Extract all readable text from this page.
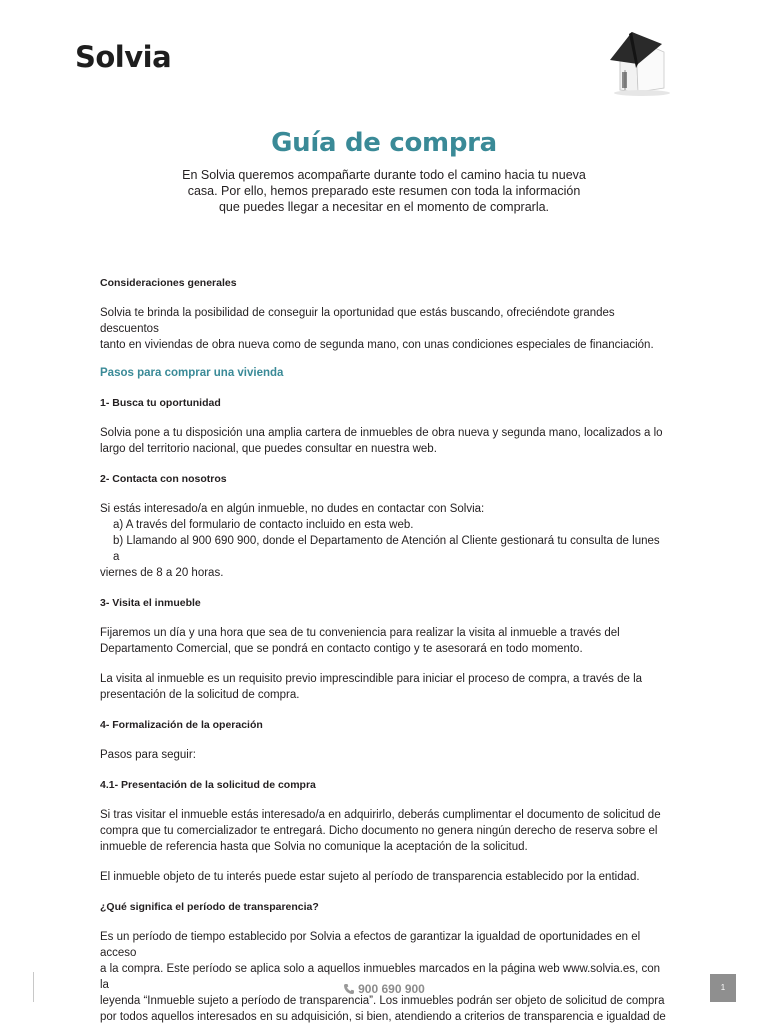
Solvia
Guía de compra
En Solvia queremos acompañarte durante todo el camino hacia tu nueva
casa. Por ello, hemos preparado este resumen con toda la información
que puedes llegar a necesitar en el momento de comprarla.

Consideraciones generales

Solvia te brinda la posibilidad de conseguir la oportunidad que estás buscando, ofreciéndote grandes descuentos

tanto en viviendas de obra nueva como de segunda mano, con unas condiciones especiales de financiación.

Pasos para comprar una vivienda

1- Busca tu oportunidad

Solvia pone a tu disposición una amplia cartera de inmuebles de obra nueva y segunda mano, localizados a lo

largo del territorio nacional, que puedes consultar en nuestra web.

2- Contacta con nosotros

Si estás interesado/a en algún inmueble, no dudes en contactar con Solvia:

a) A través del formulario de contacto incluido en esta web.

b) Llamando al 900 690 900, donde el Departamento de Atención al Cliente gestionará tu consulta de lunes a

viernes de 8 a 20 horas.

3- Visita el inmueble

Fijaremos un día y una hora que sea de tu conveniencia para realizar la visita al inmueble a través del

Departamento Comercial, que se pondrá en contacto contigo y te asesorará en todo momento.

La visita al inmueble es un requisito previo imprescindible para iniciar el proceso de compra, a través de la

presentación de la solicitud de compra.

4- Formalización de la operación

Pasos para seguir:

4.1- Presentación de la solicitud de compra

Si tras visitar el inmueble estás interesado/a en adquirirlo, deberás cumplimentar el documento de solicitud de

compra que tu comercializador te entregará. Dicho documento no genera ningún derecho de reserva sobre el

inmueble de referencia hasta que Solvia no comunique la aceptación de la solicitud.

El inmueble objeto de tu interés puede estar sujeto al período de transparencia establecido por la entidad.

¿Qué significa el período de transparencia?

Es un período de tiempo establecido por Solvia a efectos de garantizar la igualdad de oportunidades en el acceso

a la compra. Este período se aplica solo a aquellos inmuebles marcados en la página web www.solvia.es, con la

leyenda “Inmueble sujeto a período de transparencia”. Los inmuebles podrán ser objeto de solicitud de compra

por todos aquellos interesados en su adquisición, si bien, atendiendo a criterios de transparencia e igualdad de

900 690 900	1
